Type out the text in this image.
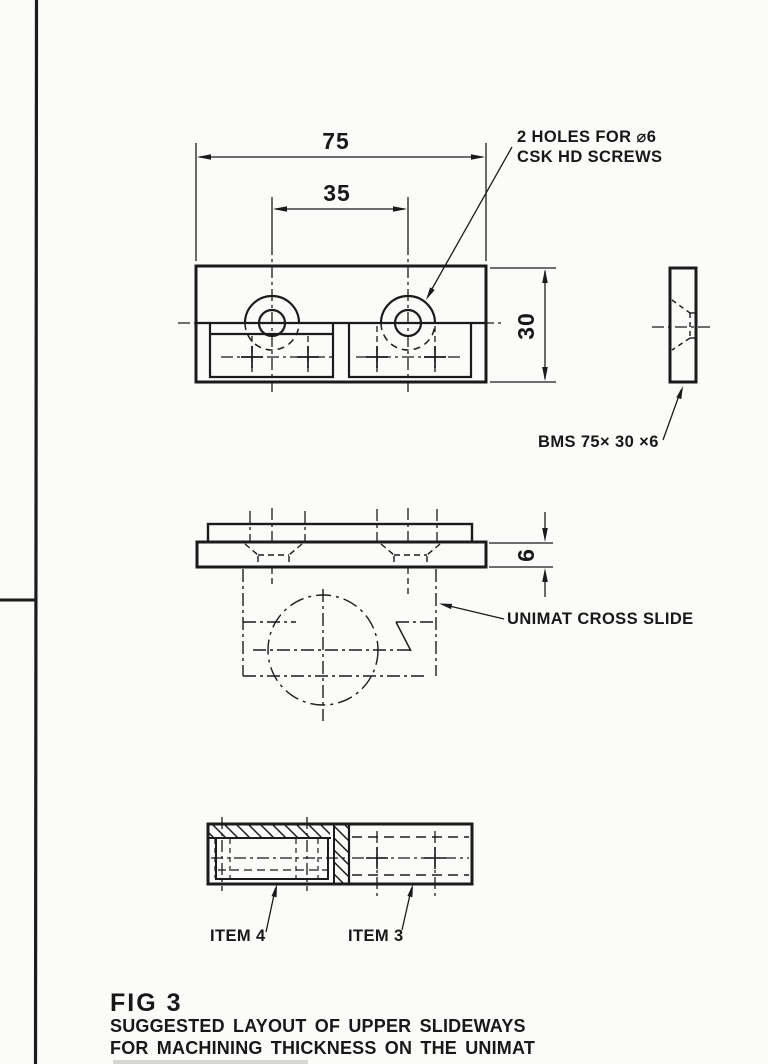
75
35
2 HOLES FOR ⌀6
CSK HD SCREWS
30
BMS 75× 30 ×6
6
UNIMAT CROSS SLIDE
ITEM 4	ITEM 3
FIG 3
SUGGESTED LAYOUT OF UPPER SLIDEWAYS
FOR MACHINING THICKNESS ON THE UNIMAT
